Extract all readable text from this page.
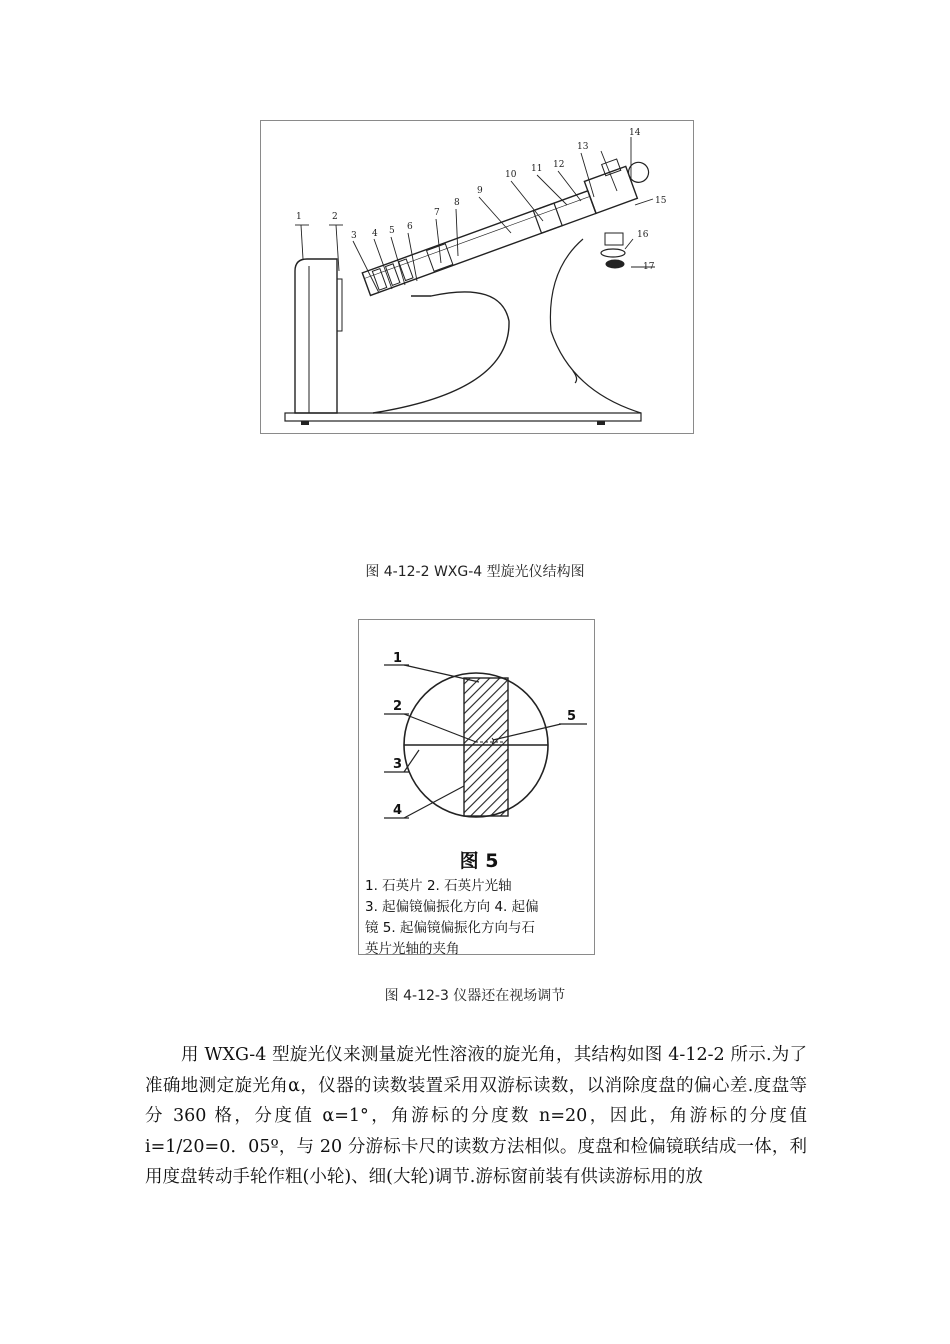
1	2
3 4 5 6
7
8
9
10
11 12
13
14
15
16
17
图 4-12-2 WXG-4 型旋光仪结构图
1
2
5
3
4
图 5
1. 石英片 2. 石英片光轴
3. 起偏镜偏振化方向 4. 起偏
镜 5. 起偏镜偏振化方向与石
英片光轴的夹角
图 4-12-3 仪器还在视场调节

用 WXG-4 型旋光仪来测量旋光性溶液的旋光角，其结构如图 4-12-2 所示.为了准确地测定旋光角α，仪器的读数装置采用双游标读数，以消除度盘的偏心差.度盘等分 360 格，分度值 α=1°，角游标的分度数 n=20，因此，角游标的分度值 i=1/20=0．05º，与 20 分游标卡尺的读数方法相似。度盘和检偏镜联结成一体，利用度盘转动手轮作粗(小轮)、细(大轮)调节.游标窗前装有供读游标用的放
